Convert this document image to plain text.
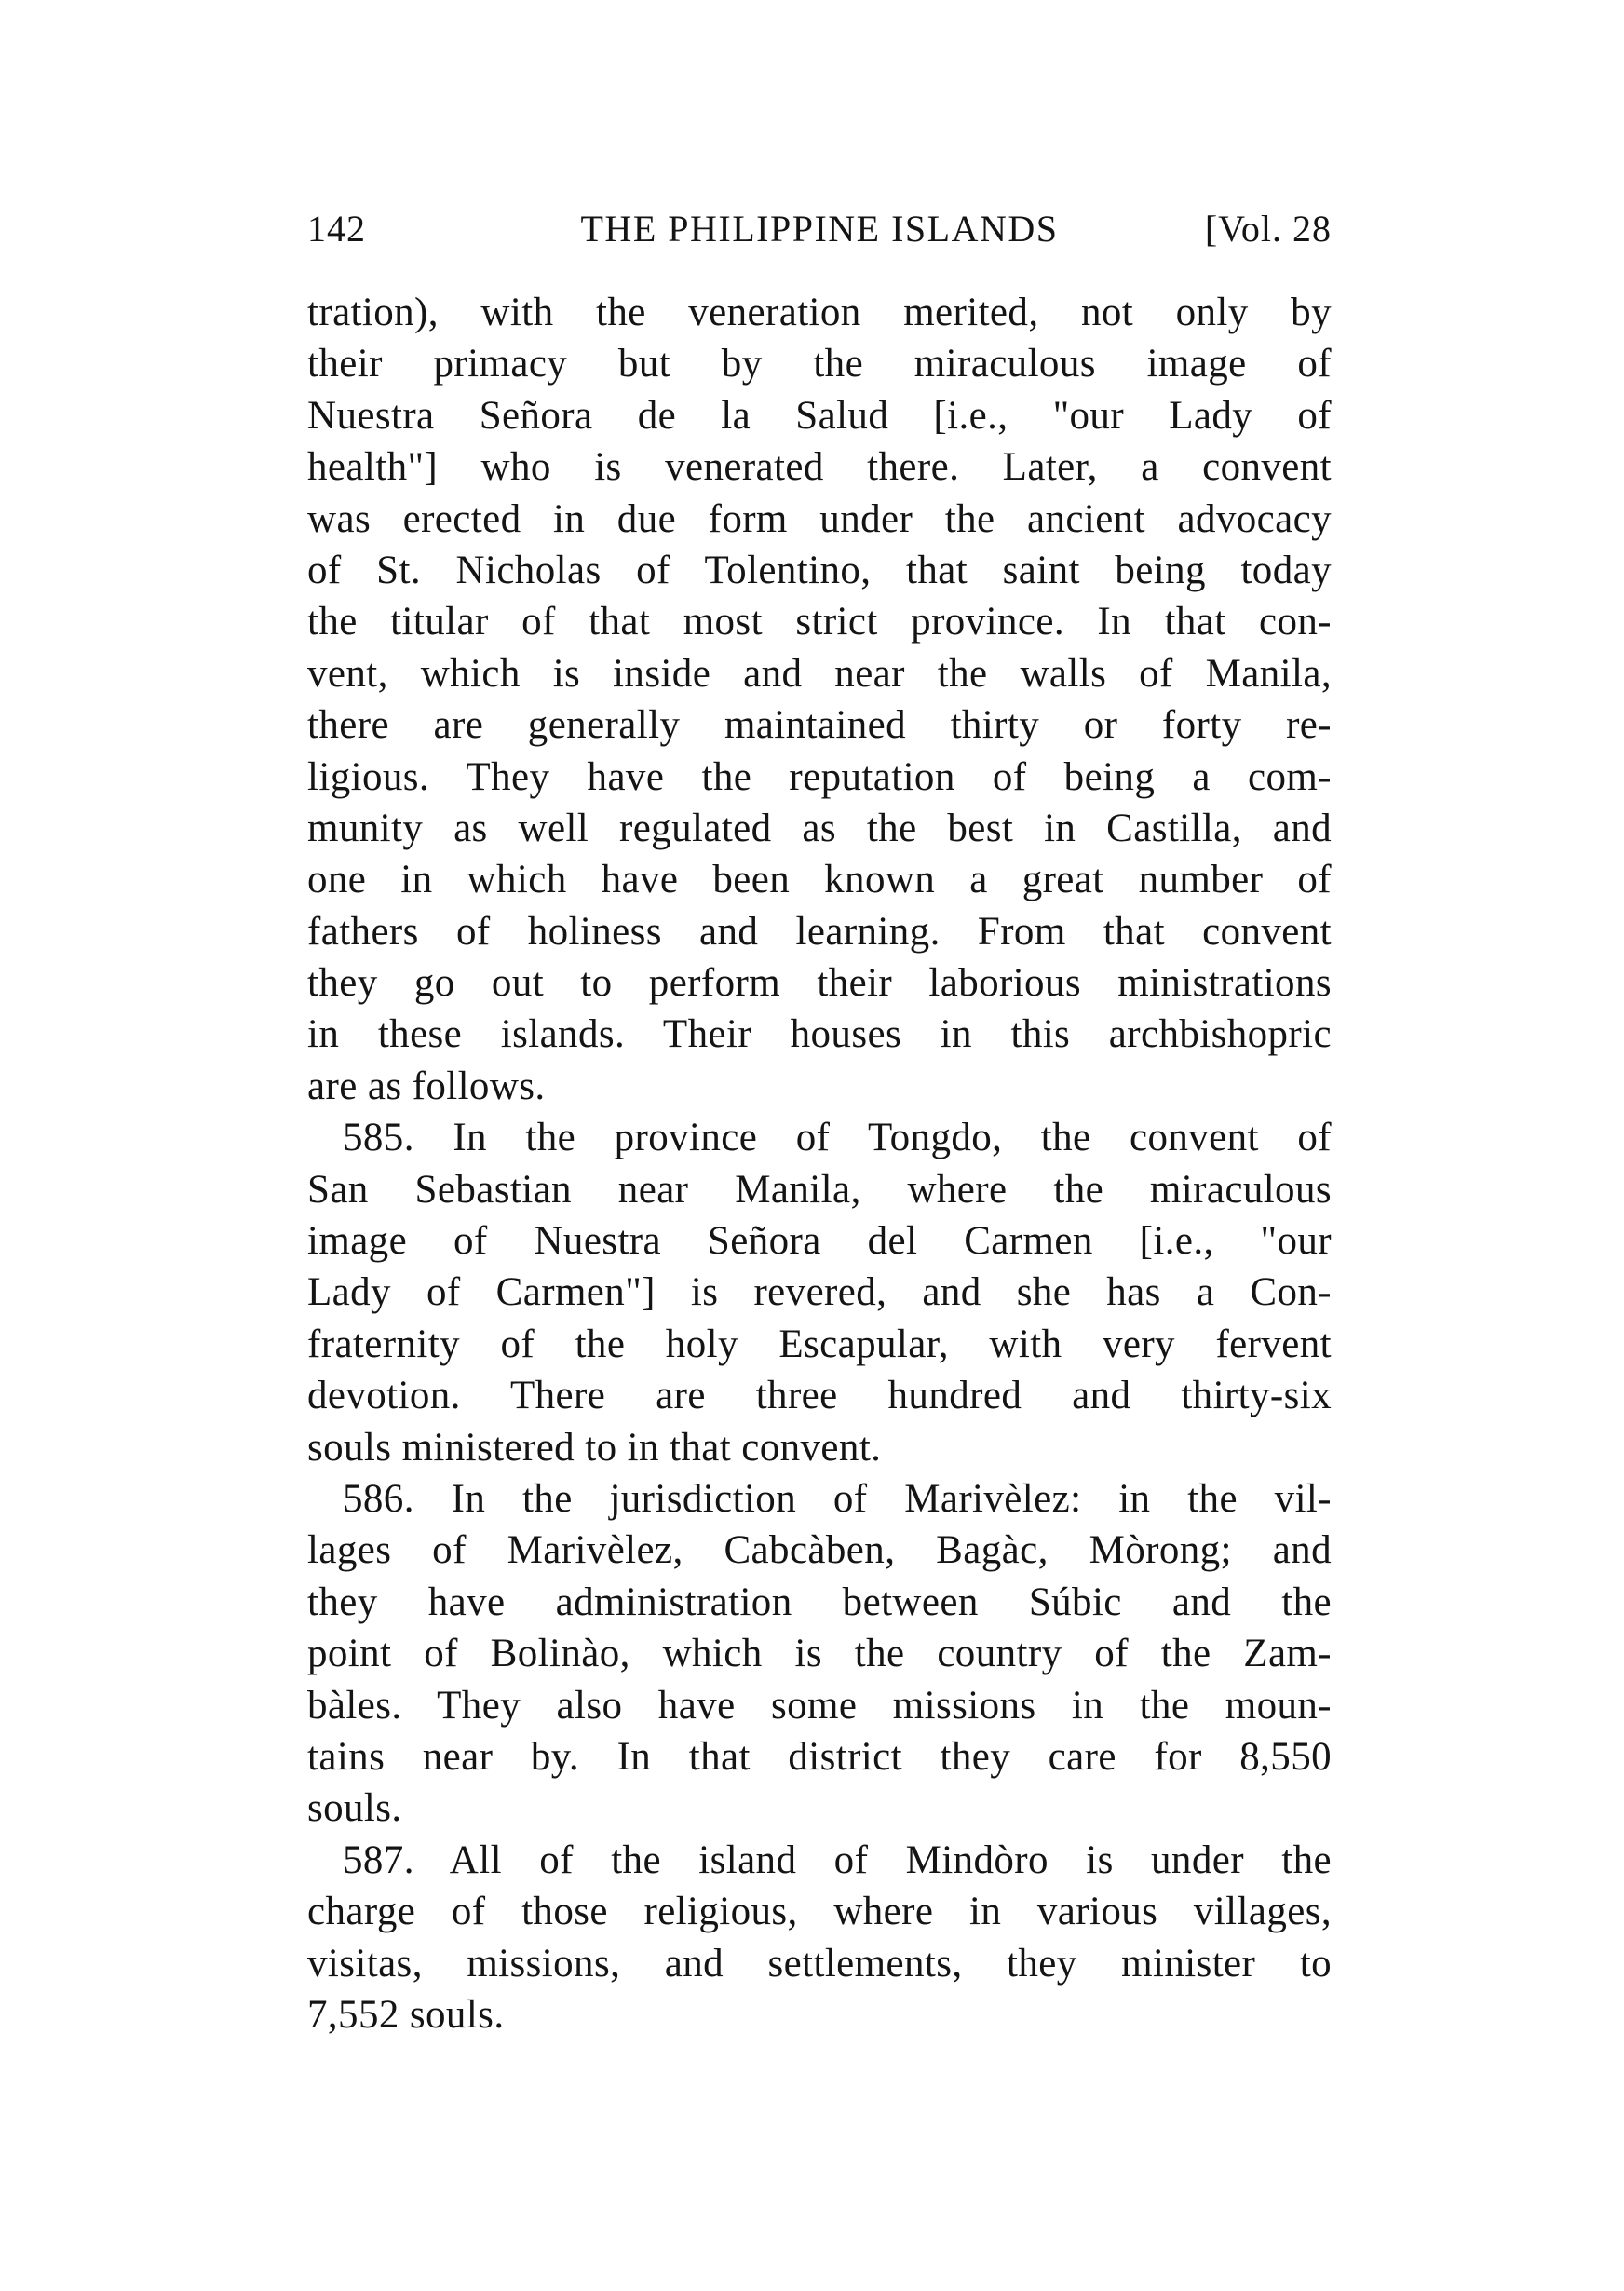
142	THE PHILIPPINE ISLANDS	[Vol. 28
tration), with the veneration merited, not only by
their primacy but by the miraculous image of
Nuestra Señora de la Salud [i.e., "our Lady of
health"] who is venerated there. Later, a convent
was erected in due form under the ancient advocacy
of St. Nicholas of Tolentino, that saint being today
the titular of that most strict province. In that con-
vent, which is inside and near the walls of Manila,
there are generally maintained thirty or forty re-
ligious. They have the reputation of being a com-
munity as well regulated as the best in Castilla, and
one in which have been known a great number of
fathers of holiness and learning. From that convent
they go out to perform their laborious ministrations
in these islands. Their houses in this archbishopric
are as follows.
585. In the province of Tongdo, the convent of
San Sebastian near Manila, where the miraculous
image of Nuestra Señora del Carmen [i.e., "our
Lady of Carmen"] is revered, and she has a Con-
fraternity of the holy Escapular, with very fervent
devotion. There are three hundred and thirty-six
souls ministered to in that convent.
586. In the jurisdiction of Marivèlez: in the vil-
lages of Marivèlez, Cabcàben, Bagàc, Mòrong; and
they have administration between Súbic and the
point of Bolinào, which is the country of the Zam-
bàles. They also have some missions in the moun-
tains near by. In that district they care for 8,550
souls.
587. All of the island of Mindòro is under the
charge of those religious, where in various villages,
visitas, missions, and settlements, they minister to
7,552 souls.
